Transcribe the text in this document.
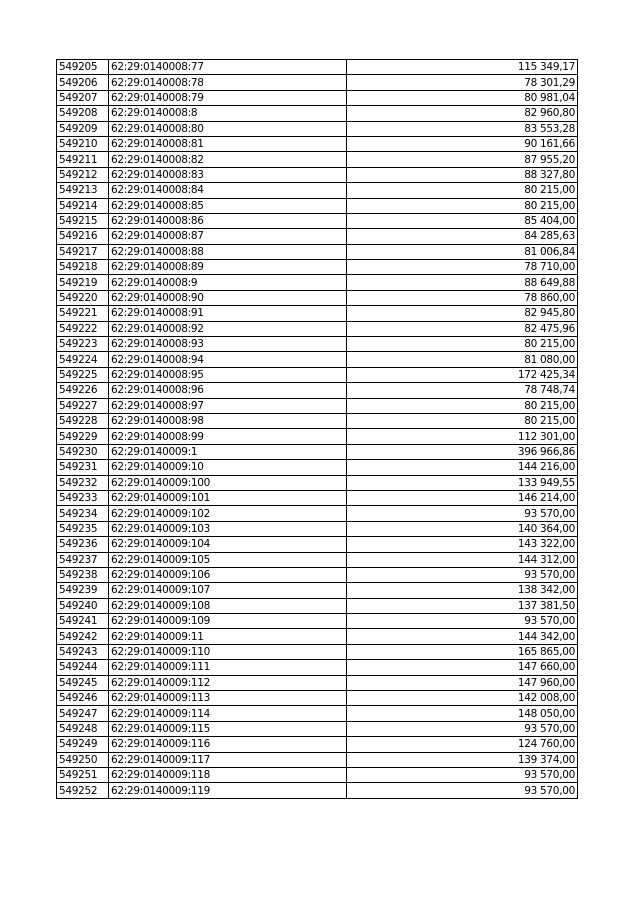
549205	62:29:0140008:77	115 349,17
549206	62:29:0140008:78	78 301,29
549207	62:29:0140008:79	80 981,04
549208	62:29:0140008:8	82 960,80
549209	62:29:0140008:80	83 553,28
549210	62:29:0140008:81	90 161,66
549211	62:29:0140008:82	87 955,20
549212	62:29:0140008:83	88 327,80
549213	62:29:0140008:84	80 215,00
549214	62:29:0140008:85	80 215,00
549215	62:29:0140008:86	85 404,00
549216	62:29:0140008:87	84 285,63
549217	62:29:0140008:88	81 006,84
549218	62:29:0140008:89	78 710,00
549219	62:29:0140008:9	88 649,88
549220	62:29:0140008:90	78 860,00
549221	62:29:0140008:91	82 945,80
549222	62:29:0140008:92	82 475,96
549223	62:29:0140008:93	80 215,00
549224	62:29:0140008:94	81 080,00
549225	62:29:0140008:95	172 425,34
549226	62:29:0140008:96	78 748,74
549227	62:29:0140008:97	80 215,00
549228	62:29:0140008:98	80 215,00
549229	62:29:0140008:99	112 301,00
549230	62:29:0140009:1	396 966,86
549231	62:29:0140009:10	144 216,00
549232	62:29:0140009:100	133 949,55
549233	62:29:0140009:101	146 214,00
549234	62:29:0140009:102	93 570,00
549235	62:29:0140009:103	140 364,00
549236	62:29:0140009:104	143 322,00
549237	62:29:0140009:105	144 312,00
549238	62:29:0140009:106	93 570,00
549239	62:29:0140009:107	138 342,00
549240	62:29:0140009:108	137 381,50
549241	62:29:0140009:109	93 570,00
549242	62:29:0140009:11	144 342,00
549243	62:29:0140009:110	165 865,00
549244	62:29:0140009:111	147 660,00
549245	62:29:0140009:112	147 960,00
549246	62:29:0140009:113	142 008,00
549247	62:29:0140009:114	148 050,00
549248	62:29:0140009:115	93 570,00
549249	62:29:0140009:116	124 760,00
549250	62:29:0140009:117	139 374,00
549251	62:29:0140009:118	93 570,00
549252	62:29:0140009:119	93 570,00
